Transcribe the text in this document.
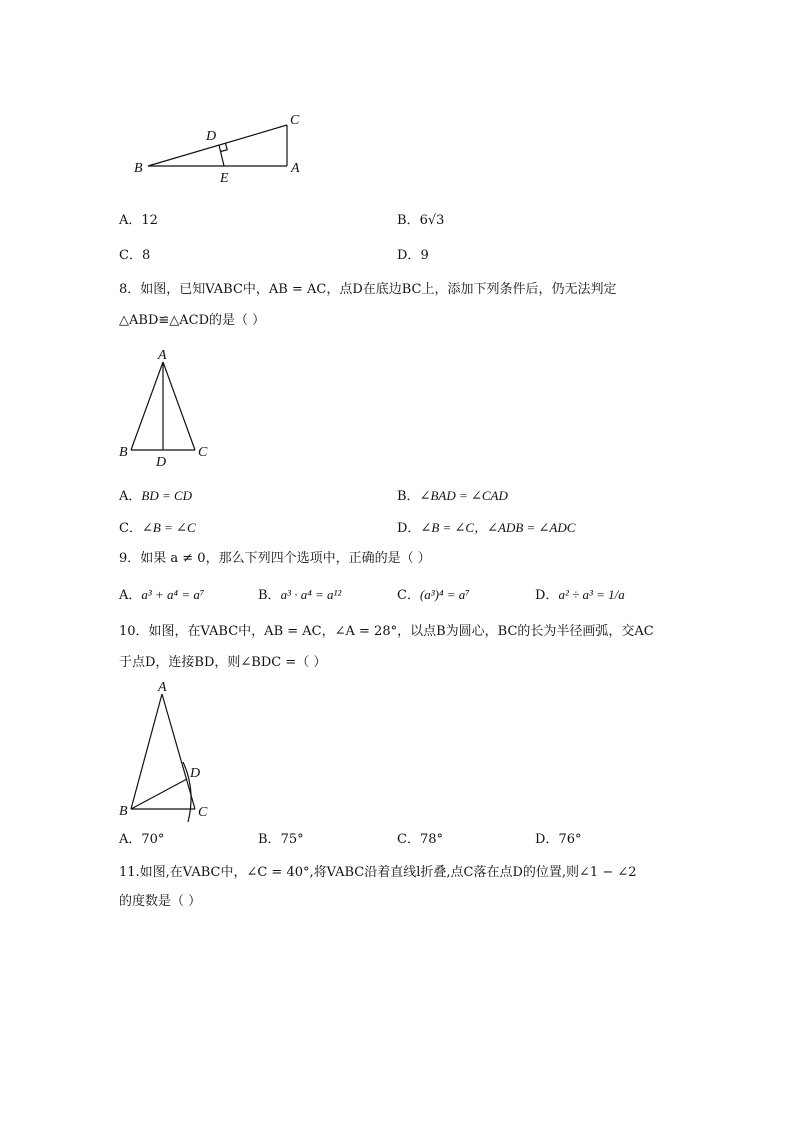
C
D
B
E
A
A．12	B．6√3
C．8	D．9
8．如图，已知VABC中，AB = AC，点D在底边BC上，添加下列条件后，仍无法判定
△ABD≌△ACD的是（ ）
A
B
D
C
A．BD = CD	B．∠BAD = ∠CAD
C．∠B = ∠C	D．∠B = ∠C，∠ADB = ∠ADC
9．如果 a ≠ 0，那么下列四个选项中，正确的是（ ）
A．a³ + a⁴ = a⁷	B．a³ · a⁴ = a¹²	C．(a³)⁴ = a⁷	D．a² ÷ a³ = 1/a
10．如图，在VABC中，AB = AC，∠A = 28°，以点B为圆心，BC的长为半径画弧，交AC
于点D，连接BD，则∠BDC =（ ）
A
D
B	C
A．70°	B．75°	C．78°	D．76°
11.如图,在VABC中，∠C = 40°,将VABC沿着直线l折叠,点C落在点D的位置,则∠1 − ∠2
的度数是（ ）
